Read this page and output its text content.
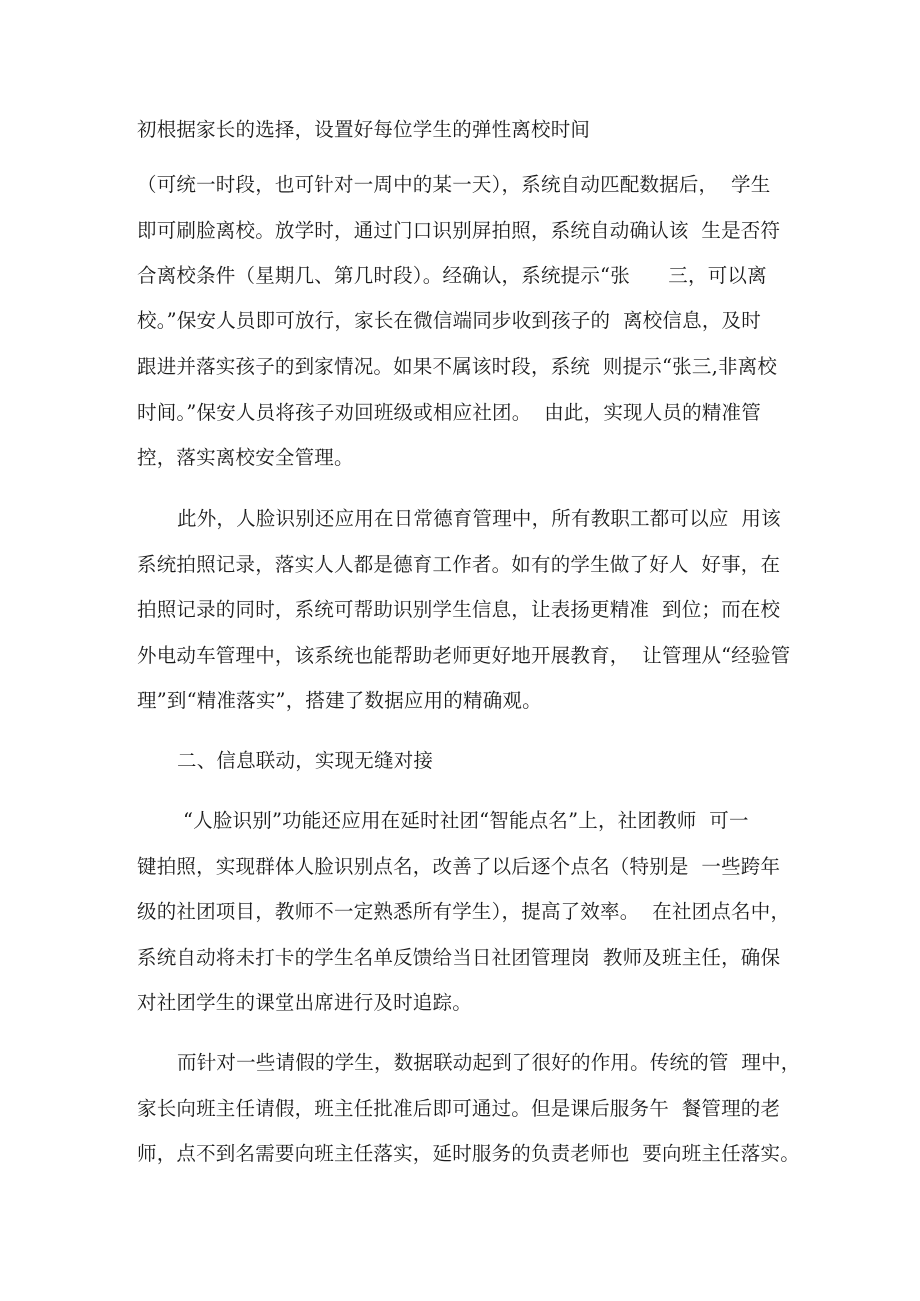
初根据家长的选择，设置好每位学生的弹性离校时间
（可统一时段，也可针对一周中的某一天），系统自动匹配数据后，  学生
即可刷脸离校。放学时，通过门口识别屏拍照，系统自动确认该  生是否符
合离校条件（星期几、第几时段）。经确认，系统提示“张      三，可以离
校。”保安人员即可放行，家长在微信端同步收到孩子的  离校信息，及时
跟进并落实孩子的到家情况。如果不属该时段，系统  则提示“张三,非离校
时间。”保安人员将孩子劝回班级或相应社团。  由此，实现人员的精准管
控，落实离校安全管理。
此外，人脸识别还应用在日常德育管理中，所有教职工都可以应  用该
系统拍照记录，落实人人都是德育工作者。如有的学生做了好人  好事，在
拍照记录的同时，系统可帮助识别学生信息，让表扬更精准  到位；而在校
外电动车管理中，该系统也能帮助老师更好地开展教育，  让管理从“经验管
理”到“精准落实”，搭建了数据应用的精确观。
二、信息联动，实现无缝对接
“人脸识别”功能还应用在延时社团“智能点名”上，社团教师  可一
键拍照，实现群体人脸识别点名，改善了以后逐个点名（特别是  一些跨年
级的社团项目，教师不一定熟悉所有学生），提高了效率。  在社团点名中，
系统自动将未打卡的学生名单反馈给当日社团管理岗  教师及班主任，确保
对社团学生的课堂出席进行及时追踪。
而针对一些请假的学生，数据联动起到了很好的作用。传统的管  理中，
家长向班主任请假，班主任批准后即可通过。但是课后服务午  餐管理的老
师，点不到名需要向班主任落实，延时服务的负责老师也  要向班主任落实。
